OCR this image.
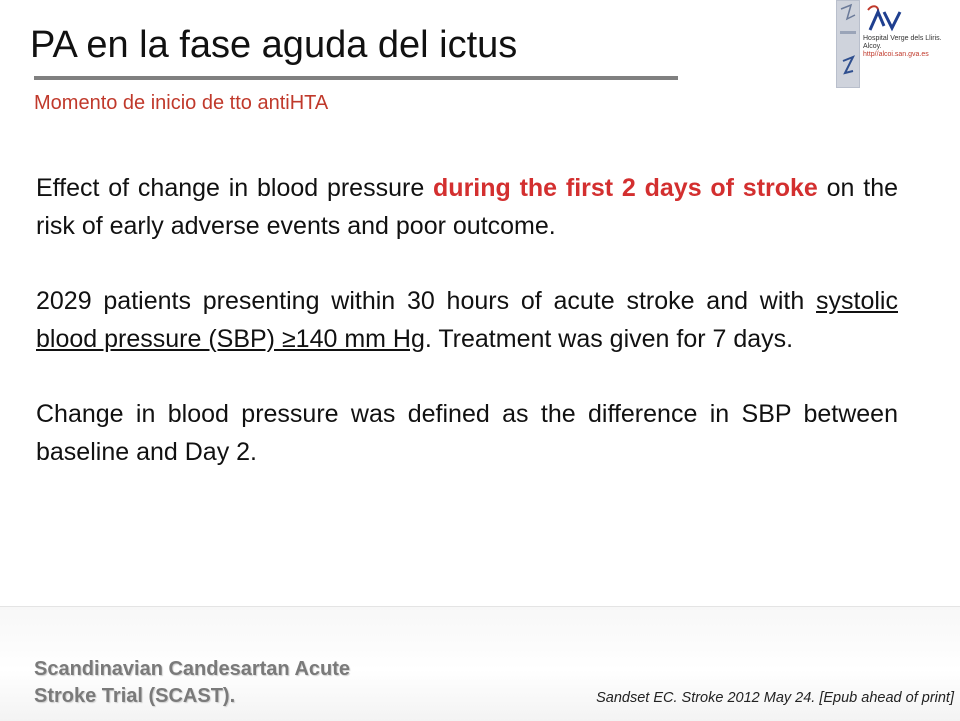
PA en la fase aguda del ictus
Momento de inicio de tto antiHTA
Hospital Verge dels Lliris.
Alcoy.
http//alcoi.san.gva.es

Effect of change in blood pressure during the first 2 days of stroke on the risk of early adverse events and poor outcome.

2029 patients presenting within 30 hours of acute stroke and with systolic blood pressure (SBP) ≥140 mm Hg. Treatment was given for 7 days.

Change in blood pressure was defined as the difference in SBP between baseline and Day 2.

Scandinavian Candesartan Acute
Stroke Trial (SCAST).	Sandset EC. Stroke 2012 May 24. [Epub ahead of print]
